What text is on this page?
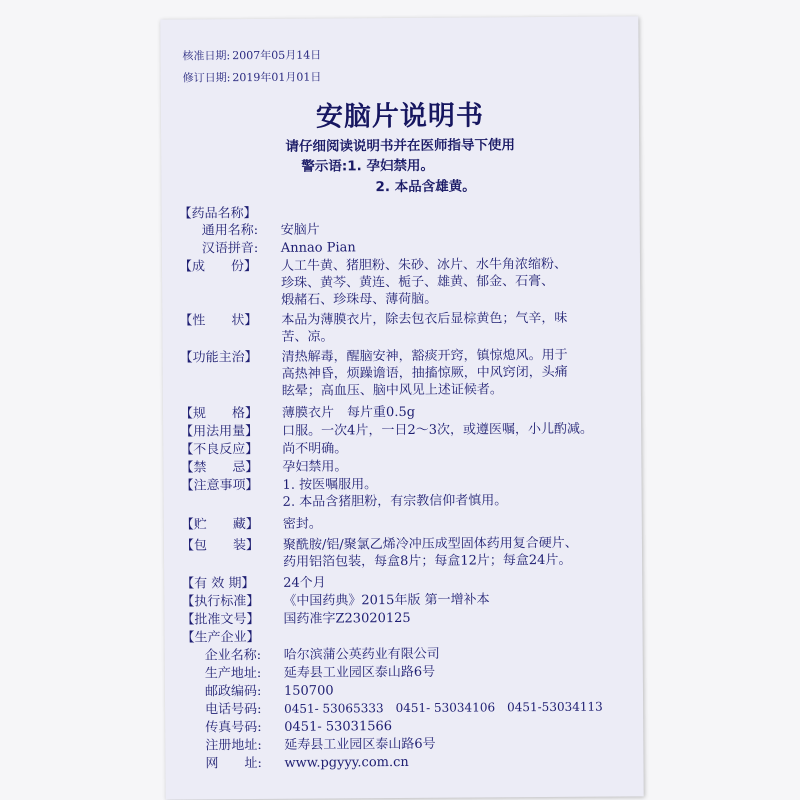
核准日期: 2007年05月14日
修订日期: 2019年01月01日
安脑片说明书
请仔细阅读说明书并在医师指导下使用
警示语:1. 孕妇禁用。
2. 本品含雄黄。
【药品名称】
通用名称: 安脑片
汉语拼音: Annao Pian
【成　　份】 人工牛黄、猪胆粉、朱砂、冰片、水牛角浓缩粉、
珍珠、黄芩、黄连、栀子、雄黄、郁金、石膏、
煅赭石、珍珠母、薄荷脑。
【性　　状】 本品为薄膜衣片，除去包衣后显棕黄色；气辛，味
苦、凉。
【功能主治】 清热解毒，醒脑安神，豁痰开窍，镇惊熄风。用于
高热神昏，烦躁谵语，抽搐惊厥，中风窍闭，头痛
眩晕；高血压、脑中风见上述证候者。
【规　　格】 薄膜衣片　每片重0.5g
【用法用量】 口服。一次4片，一日2～3次，或遵医嘱，小儿酌减。
【不良反应】 尚不明确。
【禁　　忌】 孕妇禁用。
【注意事项】 1. 按医嘱服用。
2. 本品含猪胆粉，有宗教信仰者慎用。
【贮　　藏】 密封。
【包　　装】 聚酰胺/铝/聚氯乙烯冷冲压成型固体药用复合硬片、
药用铝箔包装，每盒8片；每盒12片；每盒24片。
【有 效 期】 24个月
【执行标准】 《中国药典》2015年版 第一增补本
【批准文号】 国药准字Z23020125
【生产企业】
企业名称: 哈尔滨蒲公英药业有限公司
生产地址: 延寿县工业园区泰山路6号
邮政编码: 150700
电话号码: 0451- 53065333　0451- 53034106　0451-53034113
传真号码: 0451- 53031566
注册地址: 延寿县工业园区泰山路6号
网　　址: www.pgyyy.com.cn
